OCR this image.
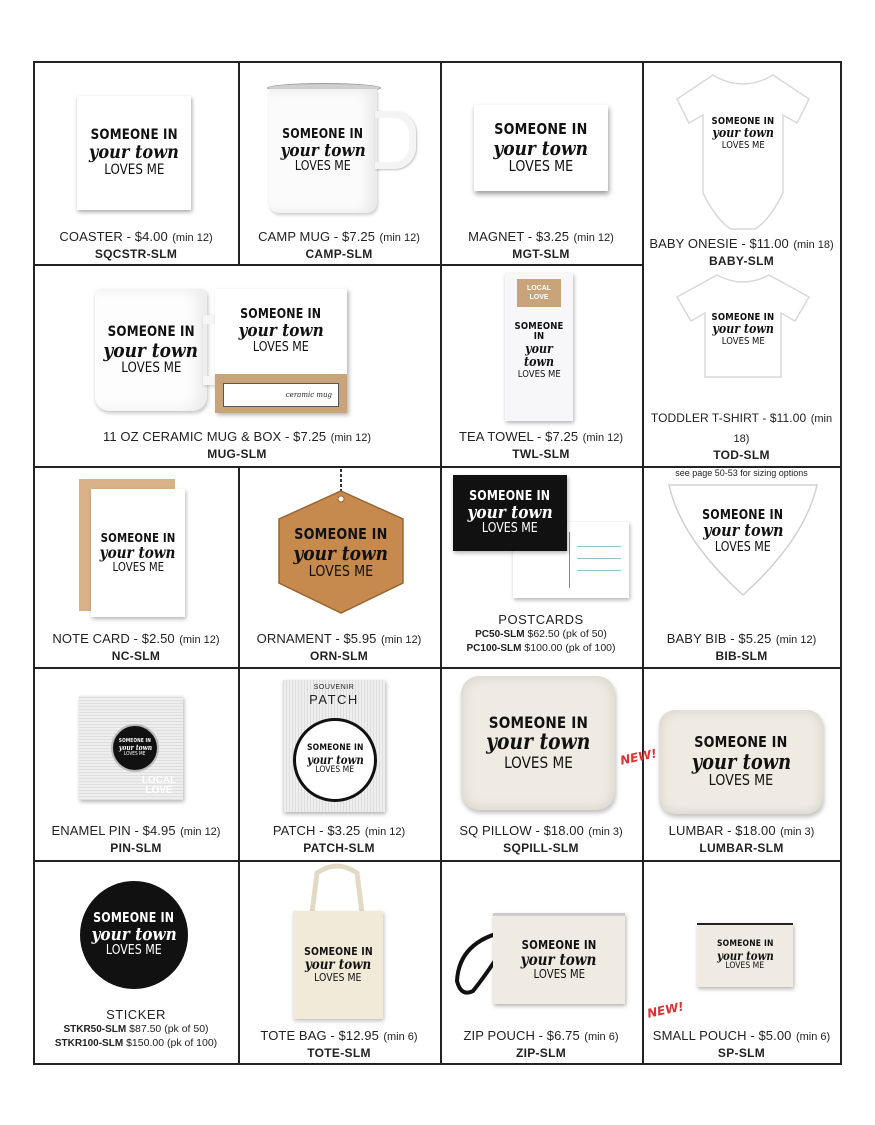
SOMEONE IN
your town
LOVES ME
COASTER - $4.00 (min 12)
SQCSTR-SLM
SOMEONE IN
your town
LOVES ME
CAMP MUG - $7.25 (min 12)
CAMP-SLM
SOMEONE IN
your town
LOVES ME
MAGNET - $3.25 (min 12)
MGT-SLM
SOMEONE IN
your town
LOVES ME
BABY ONESIE - $11.00 (min 18)
BABY-SLM
SOMEONE IN
your town
LOVES ME
SOMEONE IN
your town
LOVES ME
ceramic mug
11 OZ CERAMIC MUG & BOX - $7.25 (min 12)
MUG-SLM
LOCAL LOVE
SOMEONE IN
your town
LOVES ME
TEA TOWEL - $7.25 (min 12)
TWL-SLM
SOMEONE IN
your town
LOVES ME
TODDLER T-SHIRT - $11.00 (min 18)
TOD-SLM
see page 50-53 for sizing options
SOMEONE IN
your town
LOVES ME
NOTE CARD - $2.50 (min 12)
NC-SLM
SOMEONE IN
your town
LOVES ME
ORNAMENT - $5.95 (min 12)
ORN-SLM
SOMEONE IN
your town
LOVES ME
POSTCARDS
PC50-SLM $62.50 (pk of 50)
PC100-SLM $100.00 (pk of 100)
SOMEONE IN
your town
LOVES ME
BABY BIB - $5.25 (min 12)
BIB-SLM
SOMEONE IN
your town
LOVES ME
LOCAL LOVE
ENAMEL PIN - $4.95 (min 12)
PIN-SLM
SOUVENIR
PATCH
SOMEONE IN
your town
LOVES ME
PATCH - $3.25 (min 12)
PATCH-SLM
SOMEONE IN
your town
LOVES ME
SQ PILLOW - $18.00 (min 3)
SQPILL-SLM
NEW!
SOMEONE IN
your town
LOVES ME
LUMBAR - $18.00 (min 3)
LUMBAR-SLM
SOMEONE IN
your town
LOVES ME
STICKER
STKR50-SLM $87.50 (pk of 50)
STKR100-SLM $150.00 (pk of 100)
SOMEONE IN
your town
LOVES ME
TOTE BAG - $12.95 (min 6)
TOTE-SLM
SOMEONE IN
your town
LOVES ME
ZIP POUCH - $6.75 (min 6)
ZIP-SLM
SOMEONE IN
your town
LOVES ME
NEW!
SMALL POUCH - $5.00 (min 6)
SP-SLM
